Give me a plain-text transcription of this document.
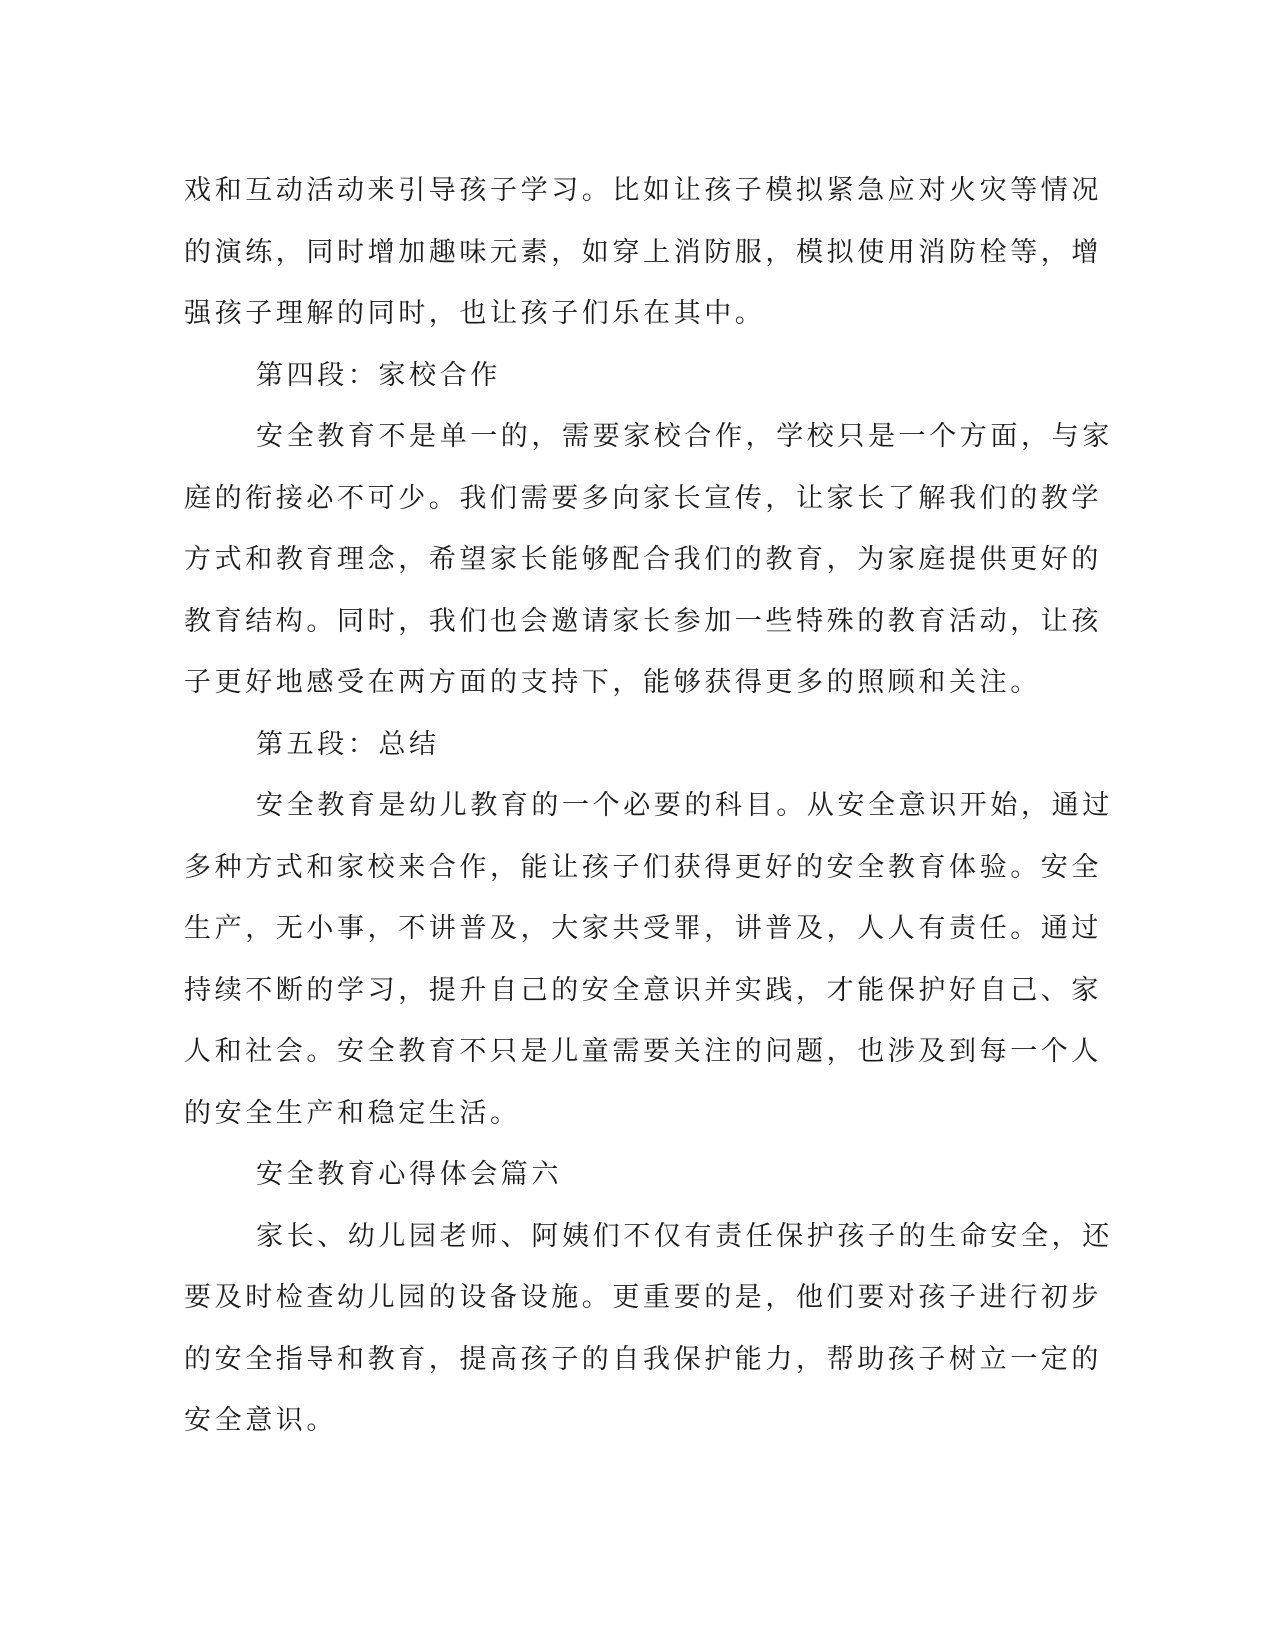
戏和互动活动来引导孩子学习。比如让孩子模拟紧急应对火灾等情况
的演练，同时增加趣味元素，如穿上消防服，模拟使用消防栓等，增
强孩子理解的同时，也让孩子们乐在其中。
第四段：家校合作
安全教育不是单一的，需要家校合作，学校只是一个方面，与家
庭的衔接必不可少。我们需要多向家长宣传，让家长了解我们的教学
方式和教育理念，希望家长能够配合我们的教育，为家庭提供更好的
教育结构。同时，我们也会邀请家长参加一些特殊的教育活动，让孩
子更好地感受在两方面的支持下，能够获得更多的照顾和关注。
第五段：总结
安全教育是幼儿教育的一个必要的科目。从安全意识开始，通过
多种方式和家校来合作，能让孩子们获得更好的安全教育体验。安全
生产，无小事，不讲普及，大家共受罪，讲普及，人人有责任。通过
持续不断的学习，提升自己的安全意识并实践，才能保护好自己、家
人和社会。安全教育不只是儿童需要关注的问题，也涉及到每一个人
的安全生产和稳定生活。
安全教育心得体会篇六
家长、幼儿园老师、阿姨们不仅有责任保护孩子的生命安全，还
要及时检查幼儿园的设备设施。更重要的是，他们要对孩子进行初步
的安全指导和教育，提高孩子的自我保护能力，帮助孩子树立一定的
安全意识。
